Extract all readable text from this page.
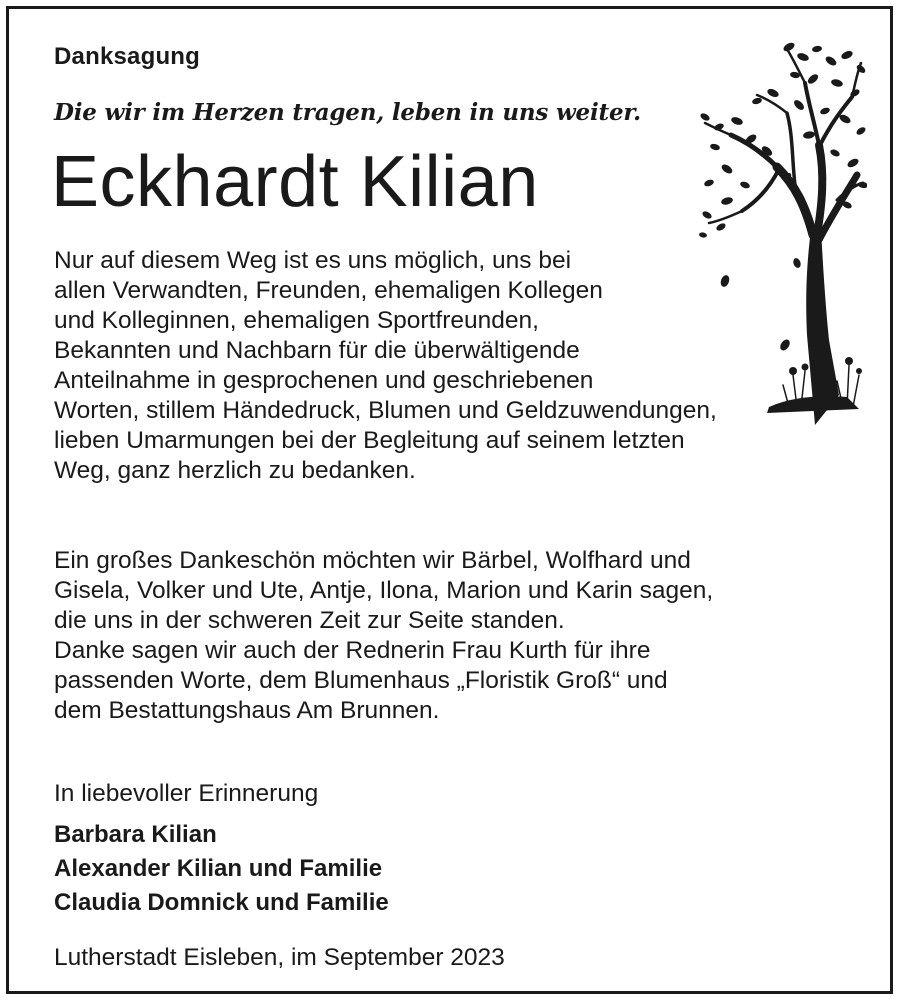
Danksagung
Die wir im Herzen tragen, leben in uns weiter.
Eckhardt Kilian
Nur auf diesem Weg ist es uns möglich, uns bei
allen Verwandten, Freunden, ehemaligen Kollegen
und Kolleginnen, ehemaligen Sportfreunden,
Bekannten und Nachbarn für die überwältigende
Anteilnahme in gesprochenen und geschriebenen
Worten, stillem Händedruck, Blumen und Geldzuwendungen,
lieben Umarmungen bei der Begleitung auf seinem letzten
Weg, ganz herzlich zu bedanken.
Ein großes Dankeschön möchten wir Bärbel, Wolfhard und
Gisela, Volker und Ute, Antje, Ilona, Marion und Karin sagen,
die uns in der schweren Zeit zur Seite standen.
Danke sagen wir auch der Rednerin Frau Kurth für ihre
passenden Worte, dem Blumenhaus „Floristik Groß“ und
dem Bestattungshaus Am Brunnen.
In liebevoller Erinnerung
Barbara Kilian
Alexander Kilian und Familie
Claudia Domnick und Familie
Lutherstadt Eisleben, im September 2023
